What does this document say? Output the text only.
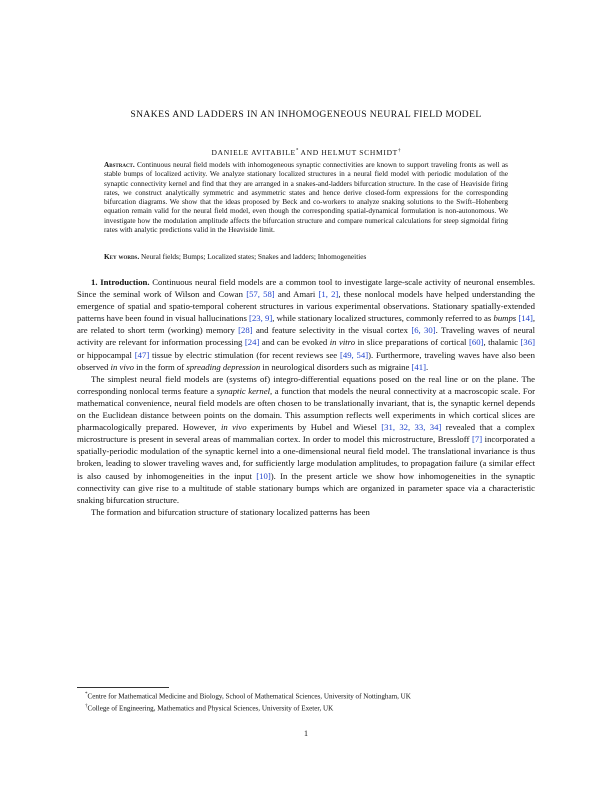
SNAKES AND LADDERS IN AN INHOMOGENEOUS NEURAL FIELD MODEL
DANIELE AVITABILE* AND HELMUT SCHMIDT†
Abstract. Continuous neural field models with inhomogeneous synaptic connectivities are known to support traveling fronts as well as stable bumps of localized activity. We analyze stationary localized structures in a neural field model with periodic modulation of the synaptic connectivity kernel and find that they are arranged in a snakes-and-ladders bifurcation structure. In the case of Heaviside firing rates, we construct analytically symmetric and asymmetric states and hence derive closed-form expressions for the corresponding bifurcation diagrams. We show that the ideas proposed by Beck and co-workers to analyze snaking solutions to the Swift–Hohenberg equation remain valid for the neural field model, even though the corresponding spatial-dynamical formulation is non-autonomous. We investigate how the modulation amplitude affects the bifurcation structure and compare numerical calculations for steep sigmoidal firing rates with analytic predictions valid in the Heaviside limit.
Key words. Neural fields; Bumps; Localized states; Snakes and ladders; Inhomogeneities

1. Introduction. Continuous neural field models are a common tool to investigate large-scale activity of neuronal ensembles. Since the seminal work of Wilson and Cowan [57, 58] and Amari [1, 2], these nonlocal models have helped understanding the emergence of spatial and spatio-temporal coherent structures in various experimental observations. Stationary spatially-extended patterns have been found in visual hallucinations [23, 9], while stationary localized structures, commonly referred to as bumps [14], are related to short term (working) memory [28] and feature selectivity in the visual cortex [6, 30]. Traveling waves of neural activity are relevant for information processing [24] and can be evoked in vitro in slice preparations of cortical [60], thalamic [36] or hippocampal [47] tissue by electric stimulation (for recent reviews see [49, 54]). Furthermore, traveling waves have also been observed in vivo in the form of spreading depression in neurological disorders such as migraine [41].

The simplest neural field models are (systems of) integro-differential equations posed on the real line or on the plane. The corresponding nonlocal terms feature a synaptic kernel, a function that models the neural connectivity at a macroscopic scale. For mathematical convenience, neural field models are often chosen to be translationally invariant, that is, the synaptic kernel depends on the Euclidean distance between points on the domain. This assumption reflects well experiments in which cortical slices are pharmacologically prepared. However, in vivo experiments by Hubel and Wiesel [31, 32, 33, 34] revealed that a complex microstructure is present in several areas of mammalian cortex. In order to model this microstructure, Bressloff [7] incorporated a spatially-periodic modulation of the synaptic kernel into a one-dimensional neural field model. The translational invariance is thus broken, leading to slower traveling waves and, for sufficiently large modulation amplitudes, to propagation failure (a similar effect is also caused by inhomogeneities in the input [10]). In the present article we show how inhomogeneities in the synaptic connectivity can give rise to a multitude of stable stationary bumps which are organized in parameter space via a characteristic snaking bifurcation structure.

The formation and bifurcation structure of stationary localized patterns has been

*Centre for Mathematical Medicine and Biology, School of Mathematical Sciences, University of Nottingham, UK
†College of Engineering, Mathematics and Physical Sciences, University of Exeter, UK
1
